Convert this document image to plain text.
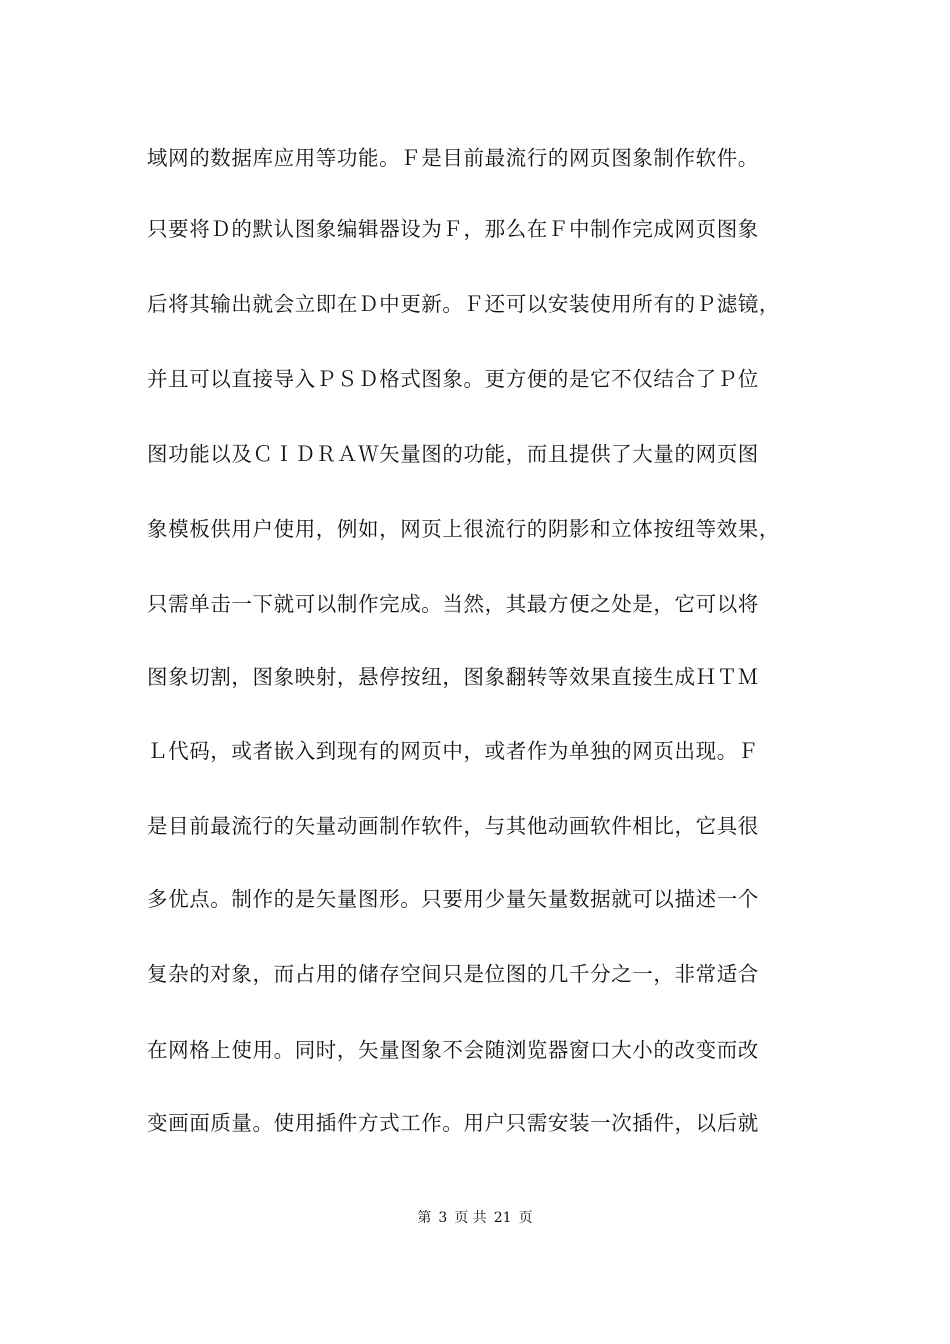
域网的数据库应用等功能。Ｆ是目前最流行的网页图象制作软件。
只要将Ｄ的默认图象编辑器设为Ｆ，那么在Ｆ中制作完成网页图象
后将其输出就会立即在Ｄ中更新。Ｆ还可以安装使用所有的Ｐ滤镜，
并且可以直接导入ＰＳＤ格式图象。更方便的是它不仅结合了Ｐ位
图功能以及ＣＩＤＲＡＷ矢量图的功能，而且提供了大量的网页图
象模板供用户使用，例如，网页上很流行的阴影和立体按纽等效果，
只需单击一下就可以制作完成。当然，其最方便之处是，它可以将
图象切割，图象映射，悬停按纽，图象翻转等效果直接生成ＨＴＭ
Ｌ代码，或者嵌入到现有的网页中，或者作为单独的网页出现。Ｆ
是目前最流行的矢量动画制作软件，与其他动画软件相比，它具很
多优点。制作的是矢量图形。只要用少量矢量数据就可以描述一个
复杂的对象，而占用的储存空间只是位图的几千分之一，非常适合
在网格上使用。同时，矢量图象不会随浏览器窗口大小的改变而改
变画面质量。使用插件方式工作。用户只需安装一次插件，以后就
第 3 页 共 21 页
